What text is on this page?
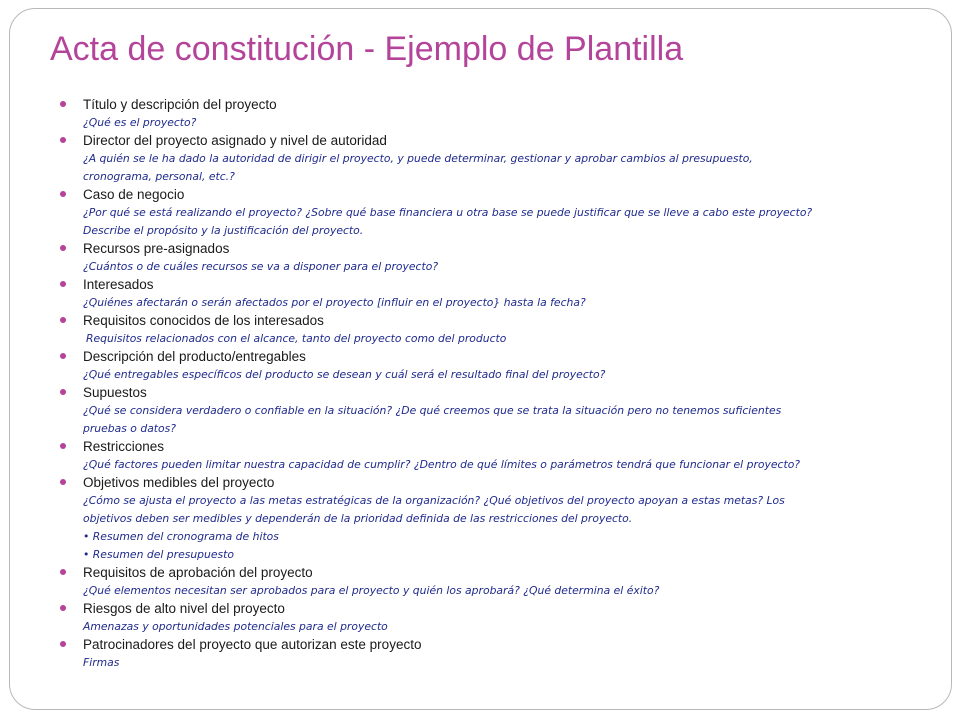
Acta de constitución - Ejemplo de Plantilla
Título y descripción del proyecto
¿Qué es el proyecto?
Director del proyecto asignado y nivel de autoridad
¿A quién se le ha dado la autoridad de dirigir el proyecto, y puede determinar, gestionar y aprobar cambios al presupuesto,
cronograma, personal, etc.?
Caso de negocio
¿Por qué se está realizando el proyecto? ¿Sobre qué base financiera u otra base se puede justificar que se lleve a cabo este proyecto?
Describe el propósito y la justificación del proyecto.
Recursos pre-asignados
¿Cuántos o de cuáles recursos se va a disponer para el proyecto?
Interesados
¿Quiénes afectarán o serán afectados por el proyecto [influir en el proyecto} hasta la fecha?
Requisitos conocidos de los interesados
Requisitos relacionados con el alcance, tanto del proyecto como del producto
Descripción del producto/entregables
¿Qué entregables específicos del producto se desean y cuál será el resultado final del proyecto?
Supuestos
¿Qué se considera verdadero o confiable en la situación? ¿De qué creemos que se trata la situación pero no tenemos suficientes
pruebas o datos?
Restricciones
¿Qué factores pueden limitar nuestra capacidad de cumplir? ¿Dentro de qué límites o parámetros tendrá que funcionar el proyecto?
Objetivos medibles del proyecto
¿Cómo se ajusta el proyecto a las metas estratégicas de la organización? ¿Qué objetivos del proyecto apoyan a estas metas? Los
objetivos deben ser medibles y dependerán de la prioridad definida de las restricciones del proyecto.
• Resumen del cronograma de hitos
• Resumen del presupuesto
Requisitos de aprobación del proyecto
¿Qué elementos necesitan ser aprobados para el proyecto y quién los aprobará? ¿Qué determina el éxito?
Riesgos de alto nivel del proyecto
Amenazas y oportunidades potenciales para el proyecto
Patrocinadores del proyecto que autorizan este proyecto
Firmas
